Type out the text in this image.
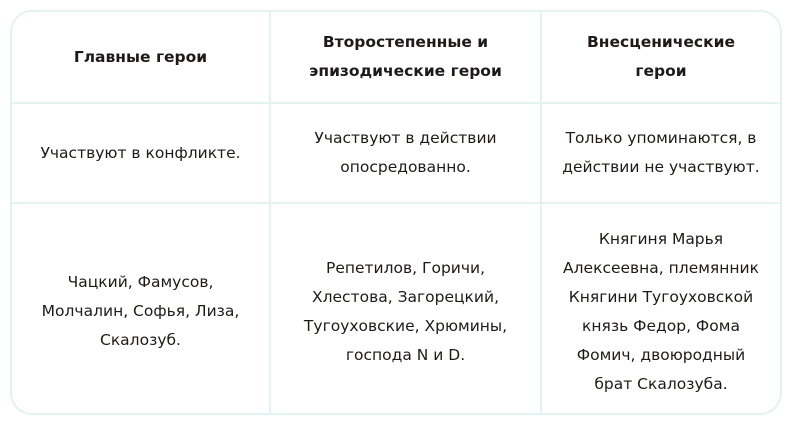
Главные герои
Второстепенные и эпизодические герои
Внесценические герои
Участвуют в конфликте.
Участвуют в действии опосредованно.
Только упоминаются, в действии не участвуют.
Чацкий, Фамусов, Молчалин, Софья, Лиза, Скалозуб.
Репетилов, Горичи, Хлестова, Загорецкий, Тугоуховские, Хрюмины, господа N и D.
Княгиня Марья Алексеевна, племянник Княгини Тугоуховской князь Федор, Фома Фомич, двоюродный брат Скалозуба.
